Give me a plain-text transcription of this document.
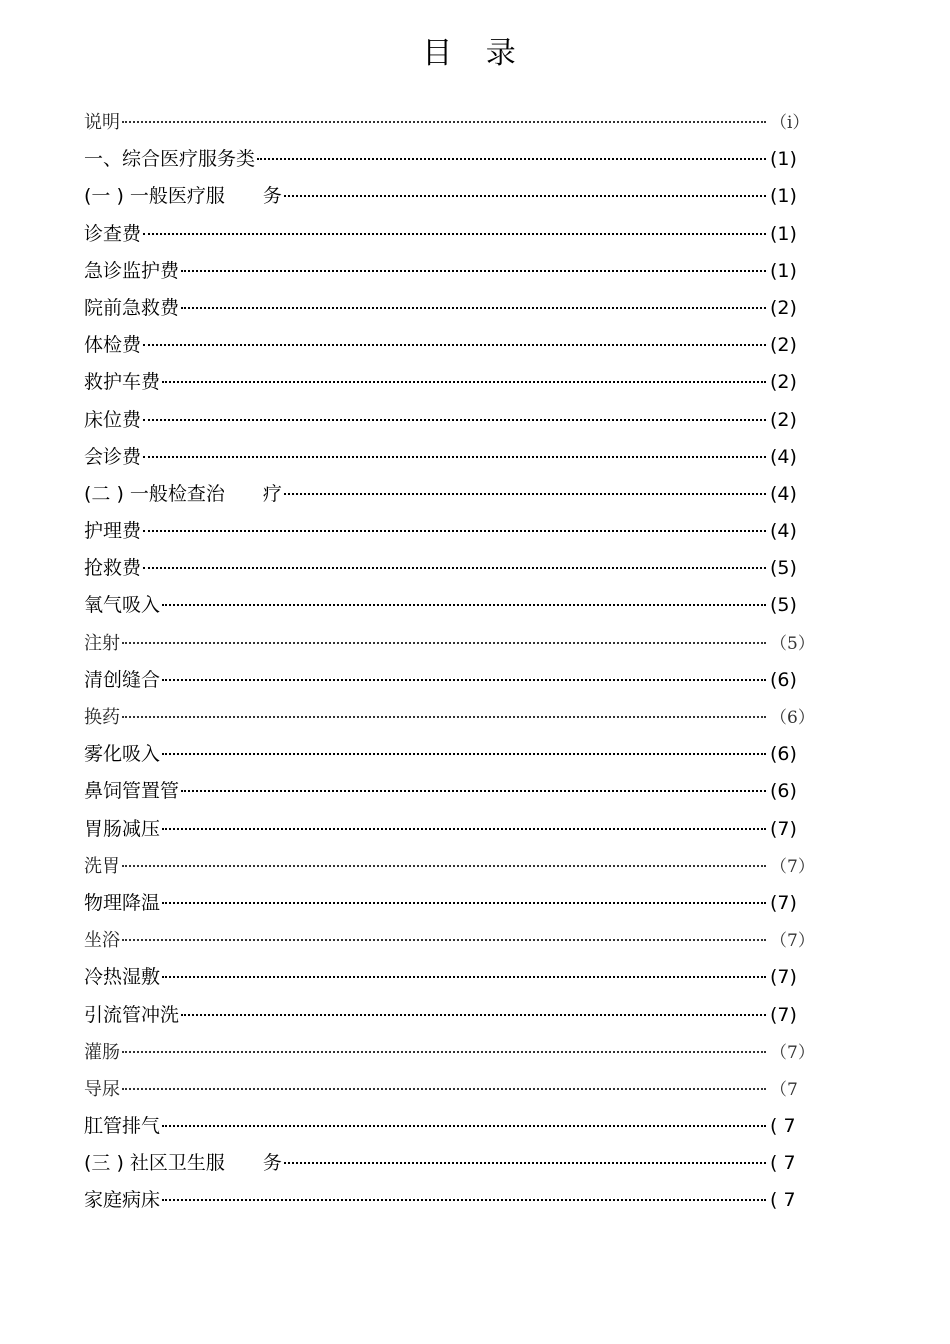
目 录
说明	（i）
一、综合医疗服务类	(1)
(一 ) 一般医疗服　　务	(1)
诊查费	(1)
急诊监护费	(1)
院前急救费	(2)
体检费	(2)
救护车费	(2)
床位费	(2)
会诊费	(4)
(二 ) 一般检查治　　疗	(4)
护理费	(4)
抢救费	(5)
氧气吸入	(5)
注射	（5）
清创缝合	(6)
换药	（6）
雾化吸入	(6)
鼻饲管置管	(6)
胃肠减压	(7)
洗胃	（7）
物理降温	(7)
坐浴	（7）
冷热湿敷	(7)
引流管冲洗	(7)
灌肠	（7）
导尿	（7
肛管排气	( 7
(三 ) 社区卫生服　　务	( 7
家庭病床	( 7
